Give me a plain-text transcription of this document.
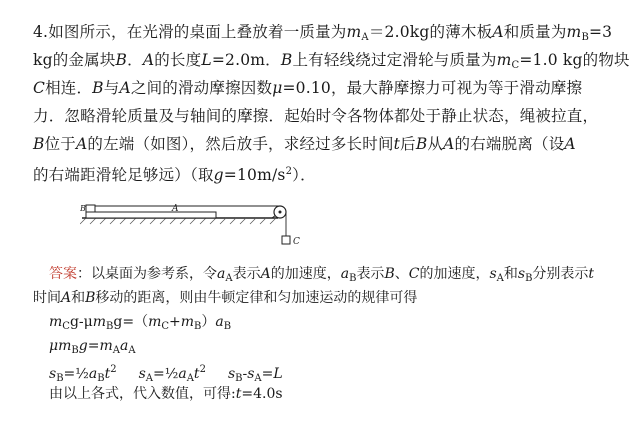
4.如图所示，在光滑的桌面上叠放着一质量为$m_A=2.0kg$的薄木板A和质量为$m_B=3$
kg的金属块B．A的长度L=2.0m．B上有轻线绕过定滑轮与质量为$m_C=1.0$ kg的物块
C相连．B与A之间的滑动摩擦因数μ=0.10，最大静摩擦力可视为等于滑动摩擦
力．忽略滑轮质量及与轴间的摩擦．起始时令各物体都处于静止状态，绳被拉直，
B位于A的左端（如图），然后放手，求经过多长时间t后B从A的右端脱离（设A
的右端距滑轮足够远）（取$g=10m/s^2$）．
A
B
C
答案：以桌面为参考系，令$a_A$表示A的加速度，$a_B$表示B、C的加速度，$s_A$和$s_B$分别表示t
时间A和B移动的距离，则由牛顿定律和匀加速运动的规律可得
$m_Cg-\mu m_Bg=(m_C+m_B)a_B$
$\mu m_Bg=m_Aa_A$
$s_B=\frac{1}{2}a_Bt^2$ $s_A=\frac{1}{2}a_At^2$ $s_B-s_A=L$
由以上各式，代入数值，可得:t=4.0s
